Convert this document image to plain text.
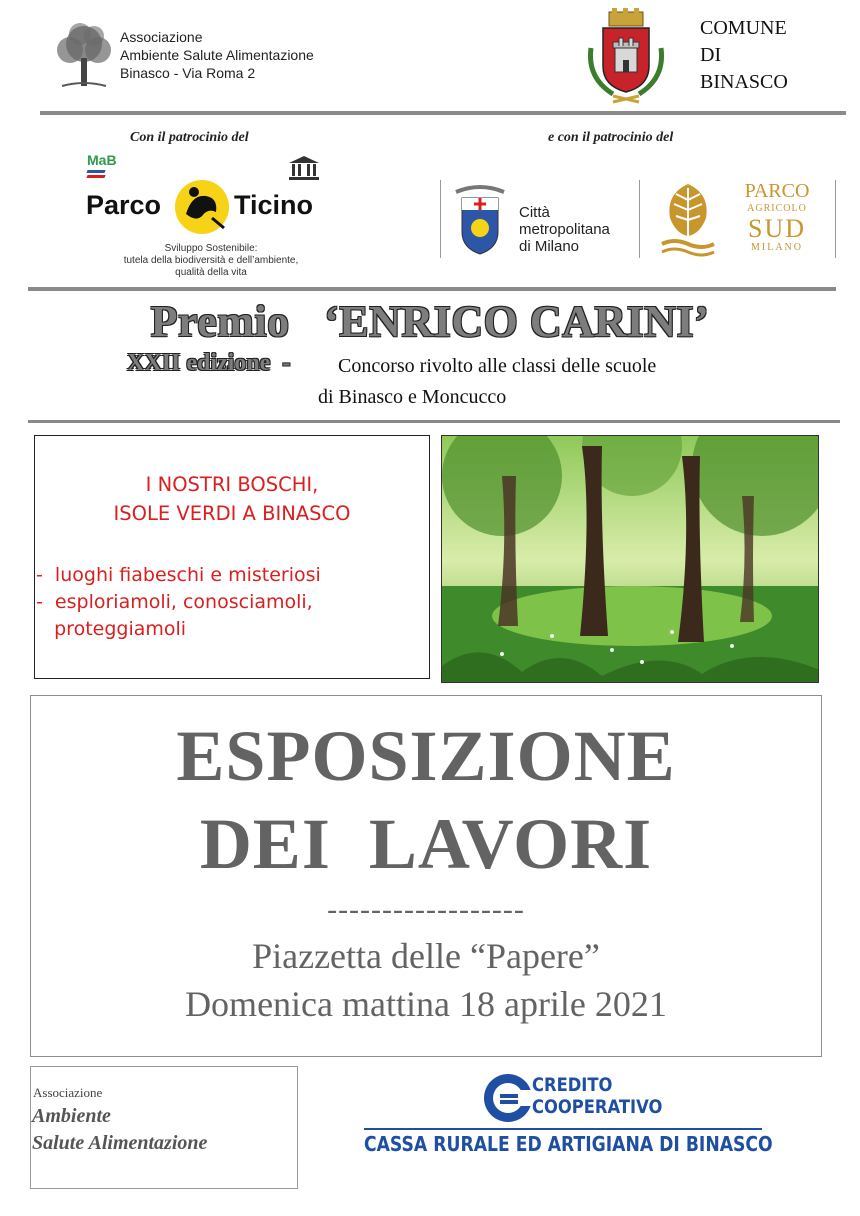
Associazione
Ambiente Salute Alimentazione
Binasco - Via Roma 2
COMUNE
DI
BINASCO
Con il patrocinio del	e con il patrocinio del
MaB
Parco	Ticino
Sviluppo Sostenibile:
tutela della biodiversità e dell’ambiente,
qualità della vita
Città
metropolitana
di Milano
PARCO
AGRICOLO
SUD
MILANO
Premio   ‘ENRICO CARINI’
XXII edizione  - Concorso rivolto alle classi delle scuole
di Binasco e Moncucco
I NOSTRI BOSCHI,
ISOLE VERDI A BINASCO
-  luoghi fiabeschi e misteriosi
-  esploriamoli, conosciamoli,
proteggiamoli
ESPOSIZIONE
DEI  LAVORI
------------------
Piazzetta delle “Papere”
Domenica mattina 18 aprile 2021
Associazione
Ambiente
Salute Alimentazione
CREDITO
COOPERATIVO
CASSA RURALE ED ARTIGIANA DI BINASCO
